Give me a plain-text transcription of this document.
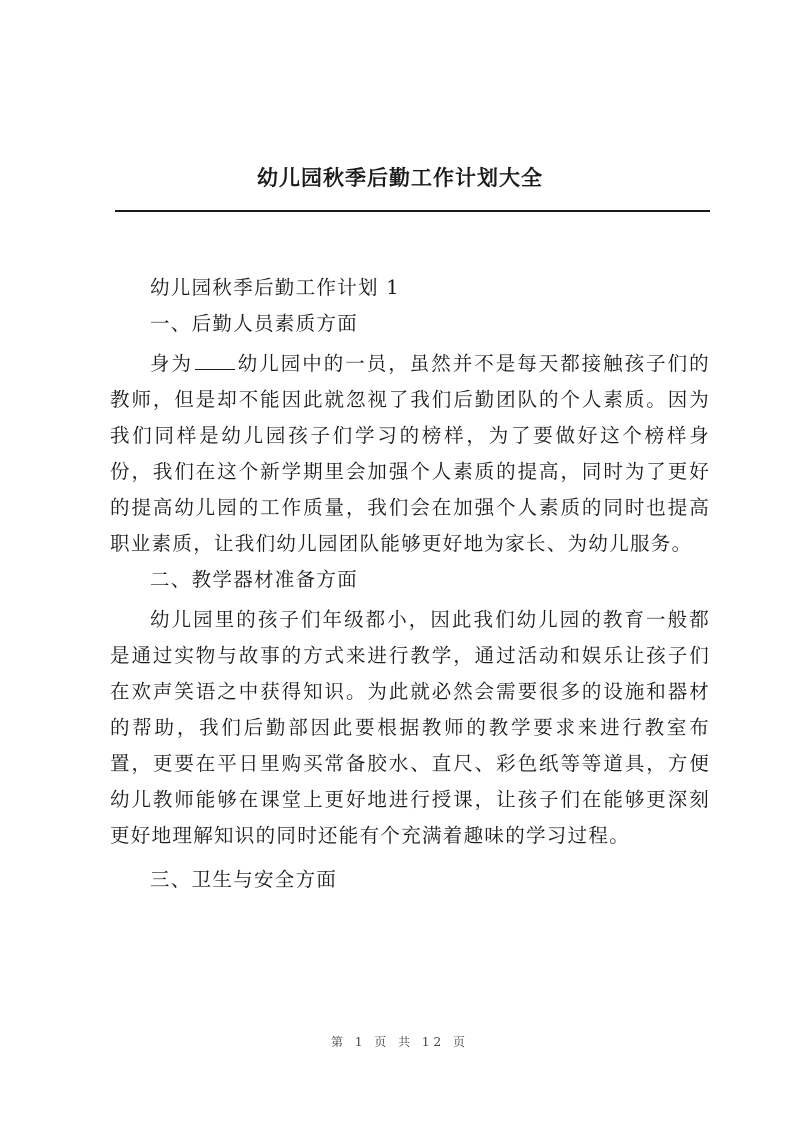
幼儿园秋季后勤工作计划大全

幼儿园秋季后勤工作计划 1

一、后勤人员素质方面

身为 幼儿园中的一员，虽然并不是每天都接触孩子们的教师，但是却不能因此就忽视了我们后勤团队的个人素质。因为我们同样是幼儿园孩子们学习的榜样，为了要做好这个榜样身份，我们在这个新学期里会加强个人素质的提高，同时为了更好的提高幼儿园的工作质量，我们会在加强个人素质的同时也提高职业素质，让我们幼儿园团队能够更好地为家长、为幼儿服务。

二、教学器材准备方面

幼儿园里的孩子们年级都小，因此我们幼儿园的教育一般都是通过实物与故事的方式来进行教学，通过活动和娱乐让孩子们在欢声笑语之中获得知识。为此就必然会需要很多的设施和器材的帮助，我们后勤部因此要根据教师的教学要求来进行教室布置，更要在平日里购买常备胶水、直尺、彩色纸等等道具，方便幼儿教师能够在课堂上更好地进行授课，让孩子们在能够更深刻更好地理解知识的同时还能有个充满着趣味的学习过程。

三、卫生与安全方面

第 1 页 共 12 页
